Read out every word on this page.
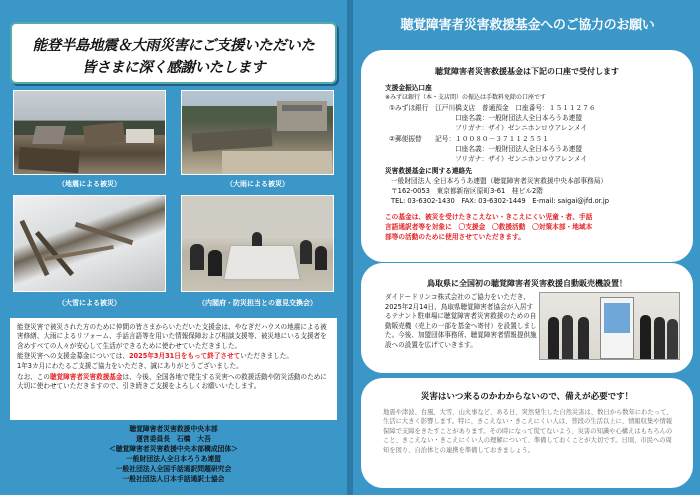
能登半島地震＆大雨災害にご支援いただいた
皆さまに深く感謝いたします
（地震による被災）	（大雨による被災）
（大雪による被災）	（内閣府・防災担当との意見交換会）

能登災害で被災された方のために仲間の皆さまからいただいた支援金は、やなぎだハウスの地震による被害修繕、大雨によるリフォーム、手話言語等を用いた情報保障および相談支援等、被災地にいる支援者を含めすべての人々が安心して生活ができるために使わせていただきました。

能登災害への支援金募金については、2025年3月31日をもって終了させていただきました。

1年3カ月にわたるご支援ご協力をいただき、誠にありがとうございました。

なお、この聴覚障害者災害救援基金は、今後、全国各地で発生する災害への救援活動や防災活動のために大切に使わせていただきますので、引き続きご支援をよろしくお願いいたします。

聴覚障害者災害救援中央本部
運営委員長　石橋　大吾
＜聴覚障害者災害救援中央本部構成団体＞
一般財団法人全日本ろうあ連盟
一般社団法人全国手話通訳問題研究会
一般社団法人日本手話通訳士協会
聴覚障害者災害救援基金へのご協力のお願い
聴覚障害者災害救援基金は下記の口座で受付します
支援金振込口座
※みずほ銀行（本・支店間）の振込は手数料免除の口座です
①みずほ銀行　江戸川橋支店　普通預金　口座番号：１５１１２７６
口座名義：一般財団法人全日本ろうあ連盟
フリガナ：ザイ）ゼンニホンロウアレンメイ
②郵便振替　　記号：１００８０－３７１１２５５１
口座名義：一般財団法人全日本ろうあ連盟
フリガナ：ザイ）ゼンニホンロウアレンメイ
災害救援基金に関する連絡先
一般財団法人 全日本ろうあ連盟（聴覚障害者災害救援中央本部事務局）
〒162-0053　東京都新宿区原町3-61　桂ビル2階
TEL: 03-6302-1430　FAX: 03-6302-1449　E-mail: saigai@jfd.or.jp
この基金は、被災を受けたきこえない・きこえにくい児童・者、手話
言語通訳者等を対象に　〇支援金　〇救援活動　〇対策本部・地域本
部等の活動のために使用させていただきます。
鳥取県に全国初の聴覚障害者災害救援自動販売機設置！
ダイドードリンコ株式会社のご協力をいただき、2025年2月14日、鳥取県聴覚障害者協会が入居するテナント駐車場に聴覚障害者災害救援のための自動販売機（売上の一部を基金へ寄付）を設置しました。今後、加盟団体事務所、聴覚障害者情報提供施設への設置を広げていきます。
災害はいつ来るのかわからないので、備えが必要です！
地震や津波、台風、大雪、山火事など、ある日、突然発生した自然災害は、数日から数年にわたって、生活に大きく影響します。特に、きこえない・きこえにくい人は、普段の生活以上に、情報収集や情報保障で支障をきたすことがあります。その時になって慌てないよう、災害の知識や心構えはもちろんのこと、きこえない・きこえにくい人の理解について、準備しておくことが大切です。日頃、市民への周知を図り、自治体との連携を準備しておきましょう。
